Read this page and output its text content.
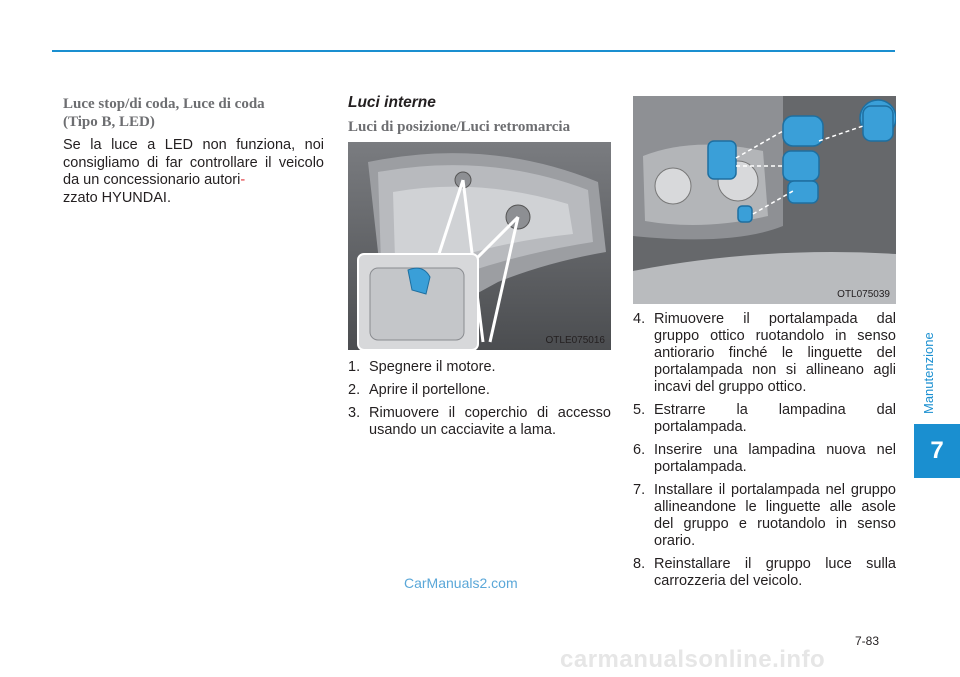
Manutenzione
7
Luce stop/di coda, Luce di coda
(Tipo B, LED)

Se la luce a LED non funziona, noi consigliamo di far controllare il veicolo da un concessionario autori-
zzato HYUNDAI.

Luci interne
Luci di posizione/Luci retromarcia
OTLE075016
1. Spegnere il motore.
2. Aprire il portellone.
3. Rimuovere il coperchio di accesso usando un cacciavite a lama.
OTL075039
4. Rimuovere il portalampada dal gruppo ottico ruotandolo in senso antiorario finché le linguette del portalampada non si allineano agli incavi del gruppo ottico.
5. Estrarre la lampadina dal portalampada.
6. Inserire una lampadina nuova nel portalampada.
7. Installare il portalampada nel gruppo allineandone le linguette alle asole del gruppo e ruotandolo in senso orario.
8. Reinstallare il gruppo luce sulla carrozzeria del veicolo.
CarManuals2.com
7-83
carmanualsonline.info
